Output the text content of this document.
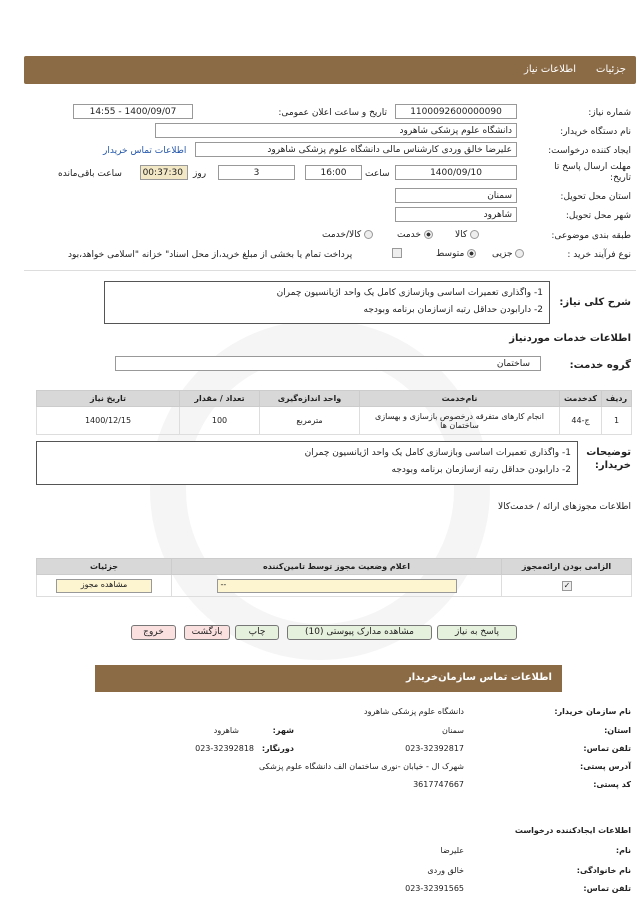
جزئیات
اطلاعات نیاز
شماره نیاز:
1100092600000090
تاریخ و ساعت اعلان عمومی:
1400/09/07 - 14:55
نام دستگاه خریدار:
دانشگاه علوم پزشکی شاهرود
ایجاد کننده درخواست:
علیرضا خالق وردی کارشناس مالی دانشگاه علوم پزشکی شاهرود
اطلاعات تماس خریدار
مهلت ارسال پاسخ تا تاریخ:
1400/09/10
ساعت
16:00
3
روز
00:37:30
ساعت باقی‌مانده
استان محل تحویل:
سمنان
شهر محل تحویل:
شاهرود
طبقه بندی موضوعی:
کالا
خدمت
کالا/خدمت
نوع فرآیند خرید :
جزیی
متوسط
پرداخت تمام یا بخشی از مبلغ خرید،از محل اسناد" خزانه "اسلامی خواهد،بود
شرح کلی نیاز:
1- واگذاری تعمیرات اساسی وبازسازی کامل یک واحد اژیانسیون چمران
2- دارابودن حداقل رتبه ازسازمان برنامه وبودجه
اطلاعات خدمات موردنیاز
گروه خدمت:
ساختمان
ردیف	کدخدمت	نام‌خدمت	واحد اندازه‌گیری	تعداد / مقدار	تاریخ نیاز
1	ج-44	انجام کارهای متفرقه درخصوص بازسازی و بهسازی ساختمان ها	مترمربع	100	1400/12/15
توضیحات خریدار:
1- واگذاری تعمیرات اساسی وبازسازی کامل یک واحد اژیانسیون چمران
2- دارابودن حداقل رتبه ازسازمان برنامه وبودجه
اطلاعات مجوزهای ارائه / خدمت‌کالا
الزامی بودن ارائه‌مجوز	اعلام وضعیت مجوز توسط تامین‌کننده	جزئیات
✓	--	مشاهده مجوز
پاسخ به نیاز
مشاهده مدارک پیوستی (10)
چاپ
بازگشت
خروج
اطلاعات تماس سازمان‌خریدار
نام سازمان خریدار:
دانشگاه علوم پزشکی شاهرود
استان:
سمنان
شهر:
شاهرود
تلفن تماس:
023-32392817
دورنگار:
023-32392818
آدرس پستی:
شهرک ال - خیابان -نوری ساختمان الف دانشگاه علوم پزشکی
کد پستی:
3617747667
اطلاعات ایجادکننده درخواست
نام:
علیرضا
نام خانوادگی:
خالق وردی
تلفن تماس:
023-32391565
